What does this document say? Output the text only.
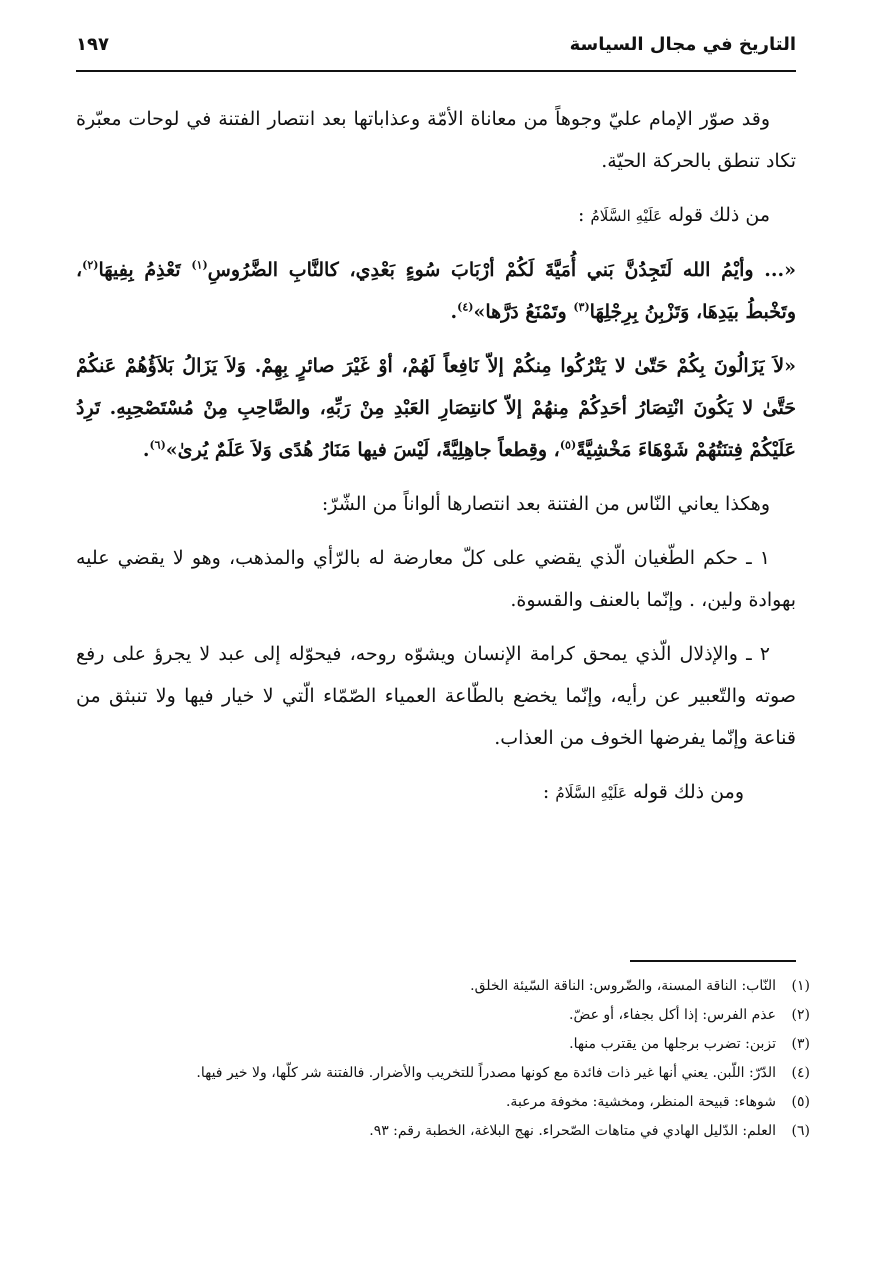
التاريخ في مجال السياسة
١٩٧

وقد صوّر الإمام عليّ وجوهاً من معاناة الأمّة وعذاباتها بعد انتصار الفتنة في لوحات معبّرة تكاد تنطق بالحركة الحيّة.

من ذلك قوله عَلَيْهِ السَّلَامُ :

«... وأيْمُ الله لَتَجِدُنَّ بَني أُمَيَّةَ لَكُمْ أرْبَابَ سُوءٍ بَعْدِي، كالنَّابِ الضَّرُوسِ$^{(١)}$ تَعْذِمُ بِفِيهَا$^{(٢)}$، وتَخْبطُ بيَدِهَا، وَتَزْبِنُ بِرِجْلِهَا$^{(٣)}$ وتَمْنَعُ دَرَّها»$^{(٤)}$.

«لاَ يَزَالُونَ بِكُمْ حَتّىٰ لا يَتْرُكُوا مِنكُمْ إلاّ نَافِعاً لَهُمْ، أوْ غَيْرَ صائرٍ بِهِمْ. وَلاَ يَزَالُ بَلاَؤُهُمْ عَنكُمْ حَتَّىٰ لا يَكُونَ انْتِصَارُ أحَدِكُمْ مِنهُمْ إلاّ كانتِصَارِ العَبْدِ مِنْ رَبِّهِ، والصَّاحِبِ مِنْ مُسْتَصْحِبِهِ. تَرِدُ عَلَيْكُمْ فِتنَتُهُمْ شَوْهَاءَ مَخْشِيَّةً$^{(٥)}$، وقِطعاً جاهِلِيَّةً، لَيْسَ فيها مَنَارُ هُدًى وَلاَ عَلَمٌ يُرىٰ»$^{(٦)}$.

وهكذا يعاني النّاس من الفتنة بعد انتصارها ألواناً من الشّرّ:

١ ـ حكم الطّغيان الّذي يقضي على كلّ معارضة له بالرّأي والمذهب، وهو لا يقضي عليه بهوادة ولين، . وإنّما بالعنف والقسوة.

٢ ـ والإذلال الّذي يمحق كرامة الإنسان ويشوّه روحه، فيحوّله إلى عبد لا يجرؤ على رفع صوته والتّعبير عن رأيه، وإنّما يخضع بالطّاعة العمياء الصّمّاء الّتي لا خيار فيها ولا تنبثق من قناعة وإنّما يفرضها الخوف من العذاب.

ومن ذلك قوله عَلَيْهِ السَّلَامُ :

(١)
النّاب: الناقة المسنة، والضّروس: الناقة السّيئة الخلق.
(٢)
عذم الفرس: إذا أكل بجفاء، أو عضّ.
(٣)
تزبن: تضرب برجلها من يقترب منها.
(٤)
الدّرّ: اللّبن. يعني أنها غير ذات فائدة مع كونها مصدراً للتخريب والأضرار. فالفتنة شر كلّها، ولا خير فيها.
(٥)
شوهاء: قبيحة المنظر، ومخشية: مخوفة مرعبة.
(٦)
العلم: الدّليل الهادي في متاهات الصّحراء. نهج البلاغة، الخطبة رقم: ٩٣.
